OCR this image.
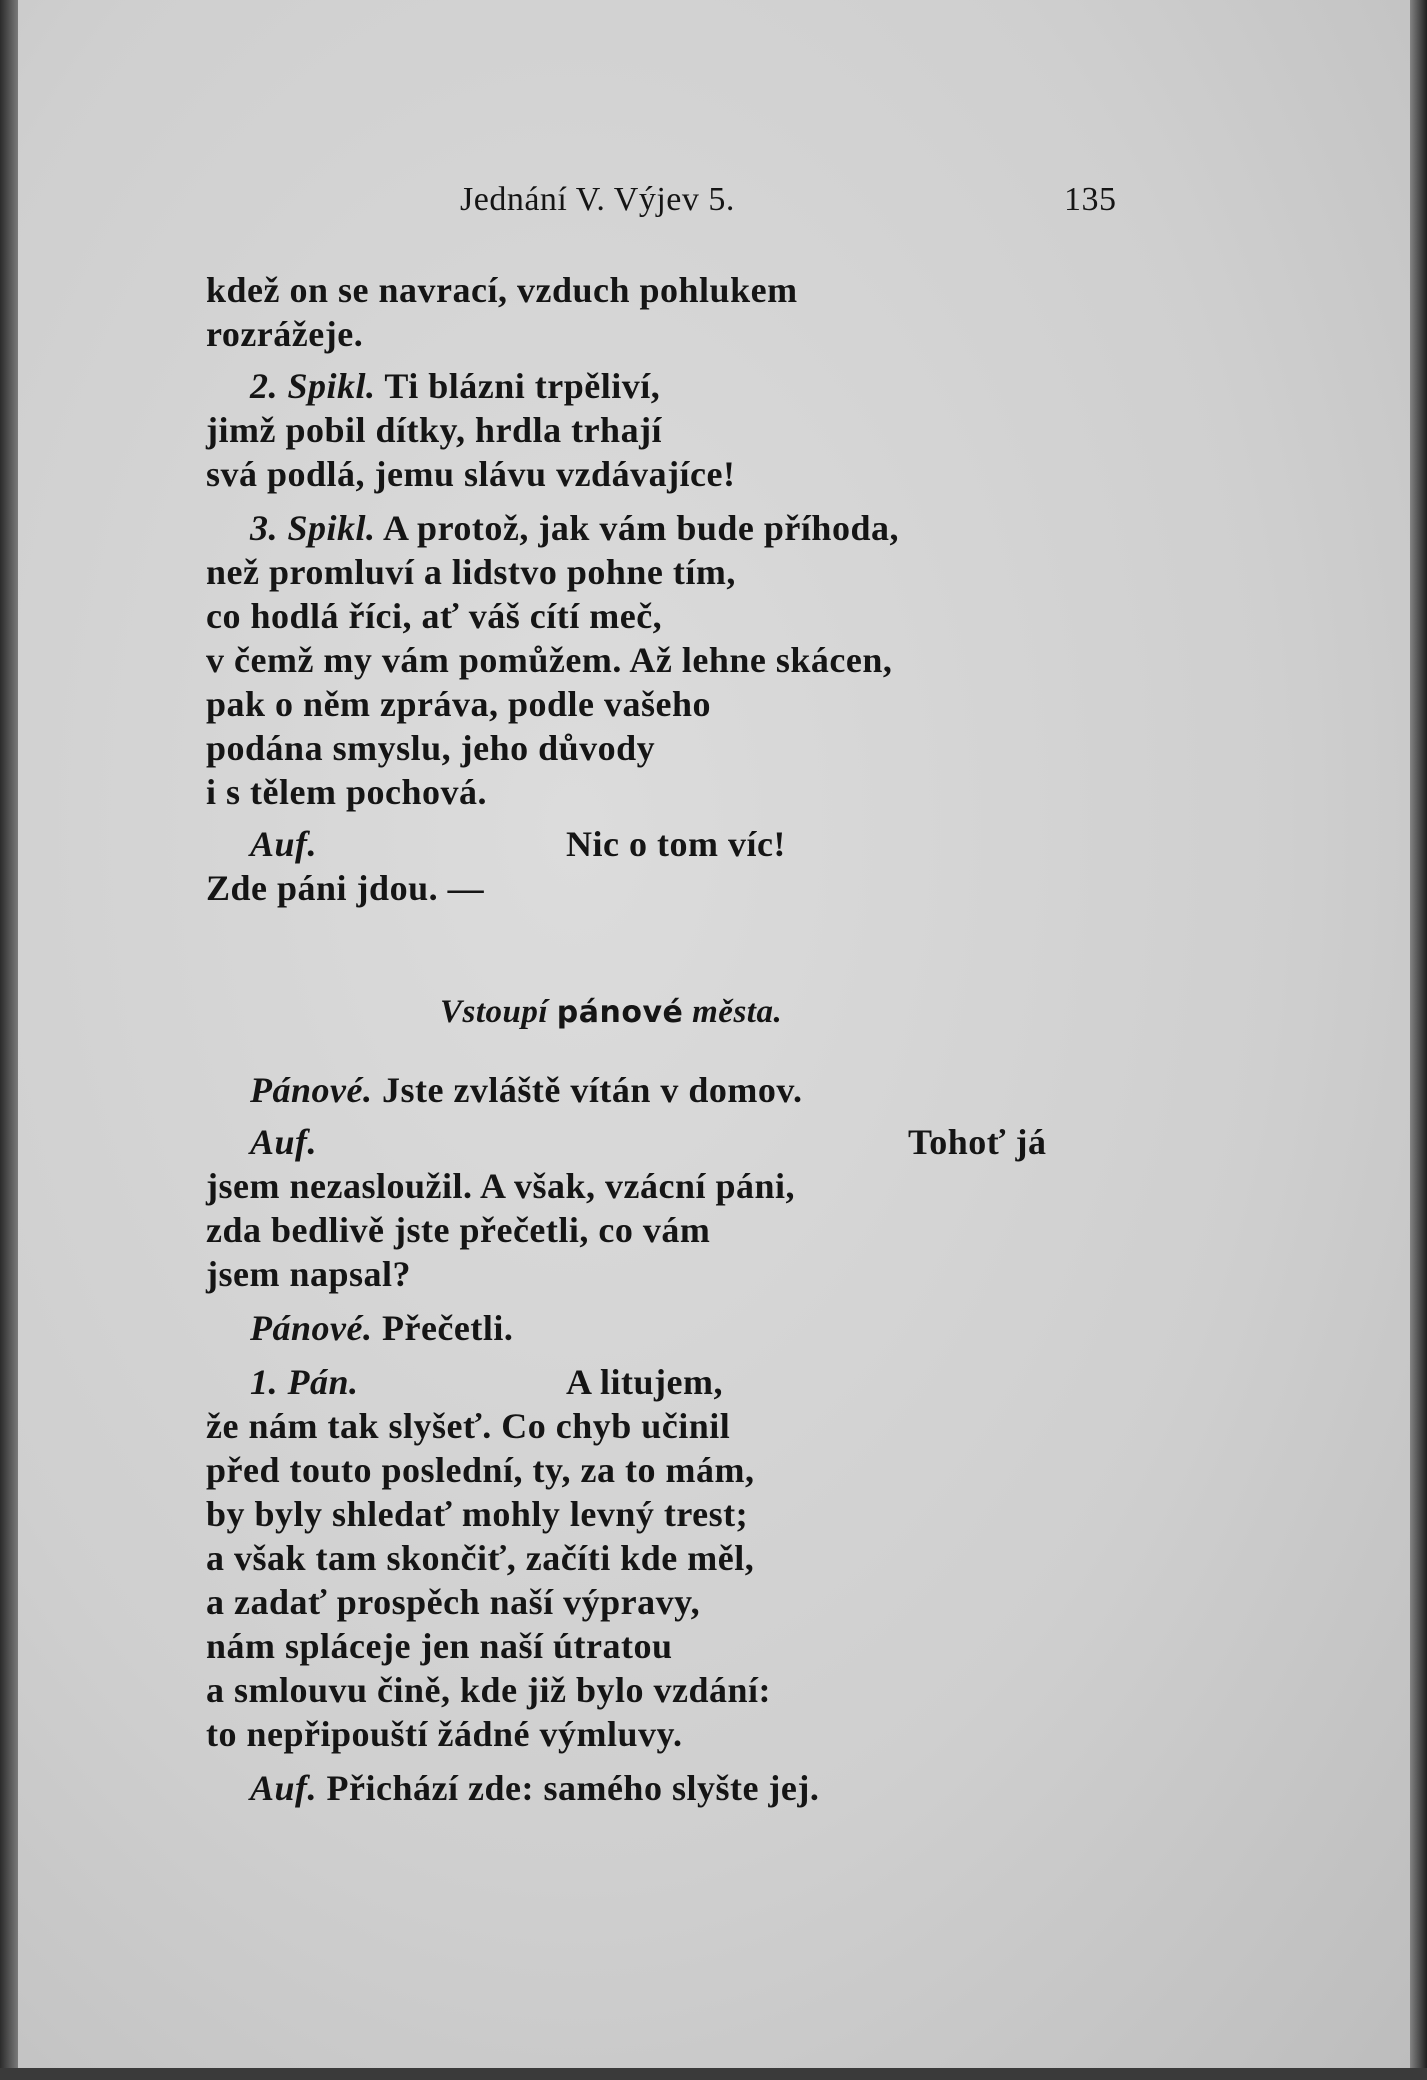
Jednání V. Výjev 5.	135
kdež on se navrací, vzduch pohlukem
rozrážeje.
2. Spikl. Ti blázni trpěliví,
jimž pobil dítky, hrdla trhají
svá podlá, jemu slávu vzdávajíce!
3. Spikl. A protož, jak vám bude příhoda,
než promluví a lidstvo pohne tím,
co hodlá říci, ať váš cítí meč,
v čemž my vám pomůžem. Až lehne skácen,
pak o něm zpráva, podle vašeho
podána smyslu, jeho důvody
i s tělem pochová.
Auf.	Nic o tom víc!
Zde páni jdou. —
Vstoupí pánové města.
Pánové. Jste zvláště vítán v domov.
Auf.	Tohoť já
jsem nezasloužil. A však, vzácní páni,
zda bedlivě jste přečetli, co vám
jsem napsal?
Pánové. Přečetli.
1. Pán.	A litujem,
že nám tak slyšeť. Co chyb učinil
před touto poslední, ty, za to mám,
by byly shledať mohly levný trest;
a však tam skončiť, začíti kde měl,
a zadať prospěch naší výpravy,
nám spláceje jen naší útratou
a smlouvu čině, kde již bylo vzdání:
to nepřipouští žádné výmluvy.
Auf. Přichází zde: samého slyšte jej.
